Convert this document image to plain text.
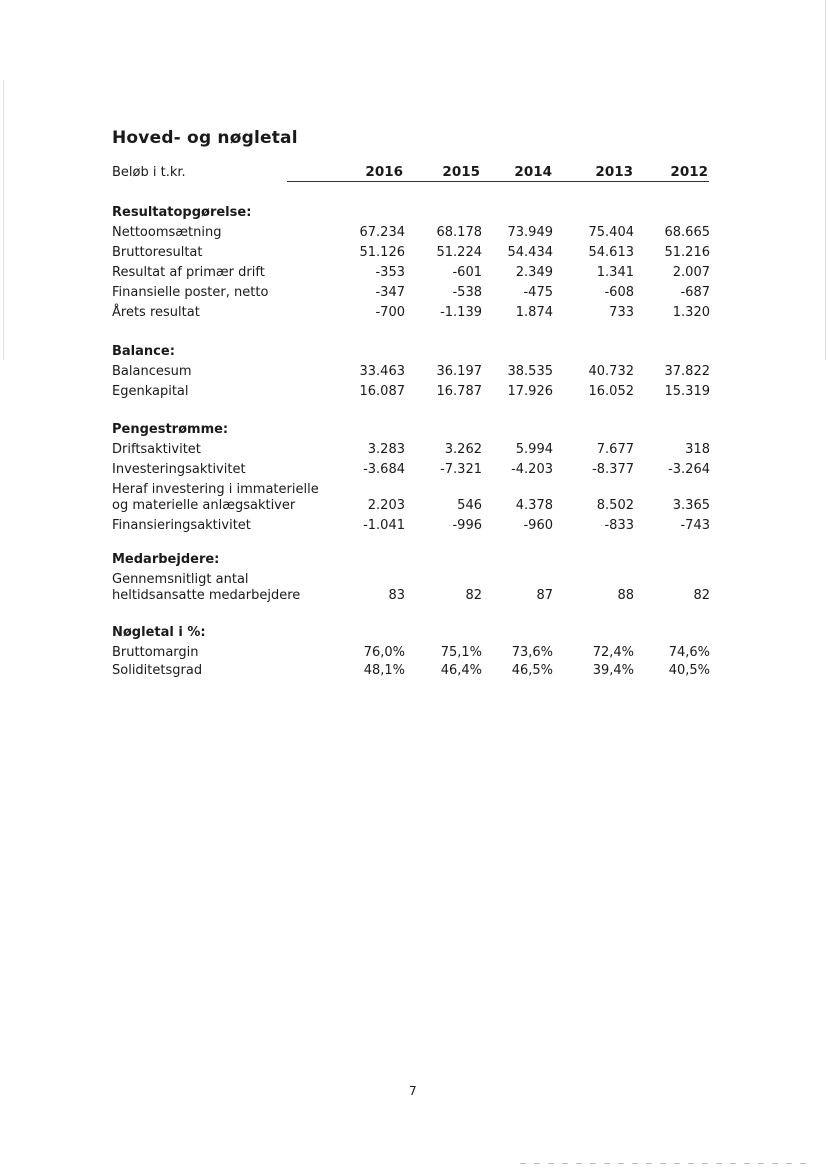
Hoved- og nøgletal
Beløb i t.kr.	2016	2015	2014	2013	2012
Resultatopgørelse:
Nettoomsætning	67.234	68.178	73.949	75.404	68.665
Bruttoresultat	51.126	51.224	54.434	54.613	51.216
Resultat af primær drift	-353	-601	2.349	1.341	2.007
Finansielle poster, netto	-347	-538	-475	-608	-687
Årets resultat	-700	-1.139	1.874	733	1.320
Balance:
Balancesum	33.463	36.197	38.535	40.732	37.822
Egenkapital	16.087	16.787	17.926	16.052	15.319
Pengestrømme:
Driftsaktivitet	3.283	3.262	5.994	7.677	318
Investeringsaktivitet	-3.684	-7.321	-4.203	-8.377	-3.264
Heraf investering i immaterielle
og materielle anlægsaktiver	2.203	546	4.378	8.502	3.365
Finansieringsaktivitet	-1.041	-996	-960	-833	-743
Medarbejdere:
Gennemsnitligt antal
heltidsansatte medarbejdere	83	82	87	88	82
Nøgletal i %:
Bruttomargin	76,0%	75,1%	73,6%	72,4%	74,6%
Soliditetsgrad	48,1%	46,4%	46,5%	39,4%	40,5%
7
